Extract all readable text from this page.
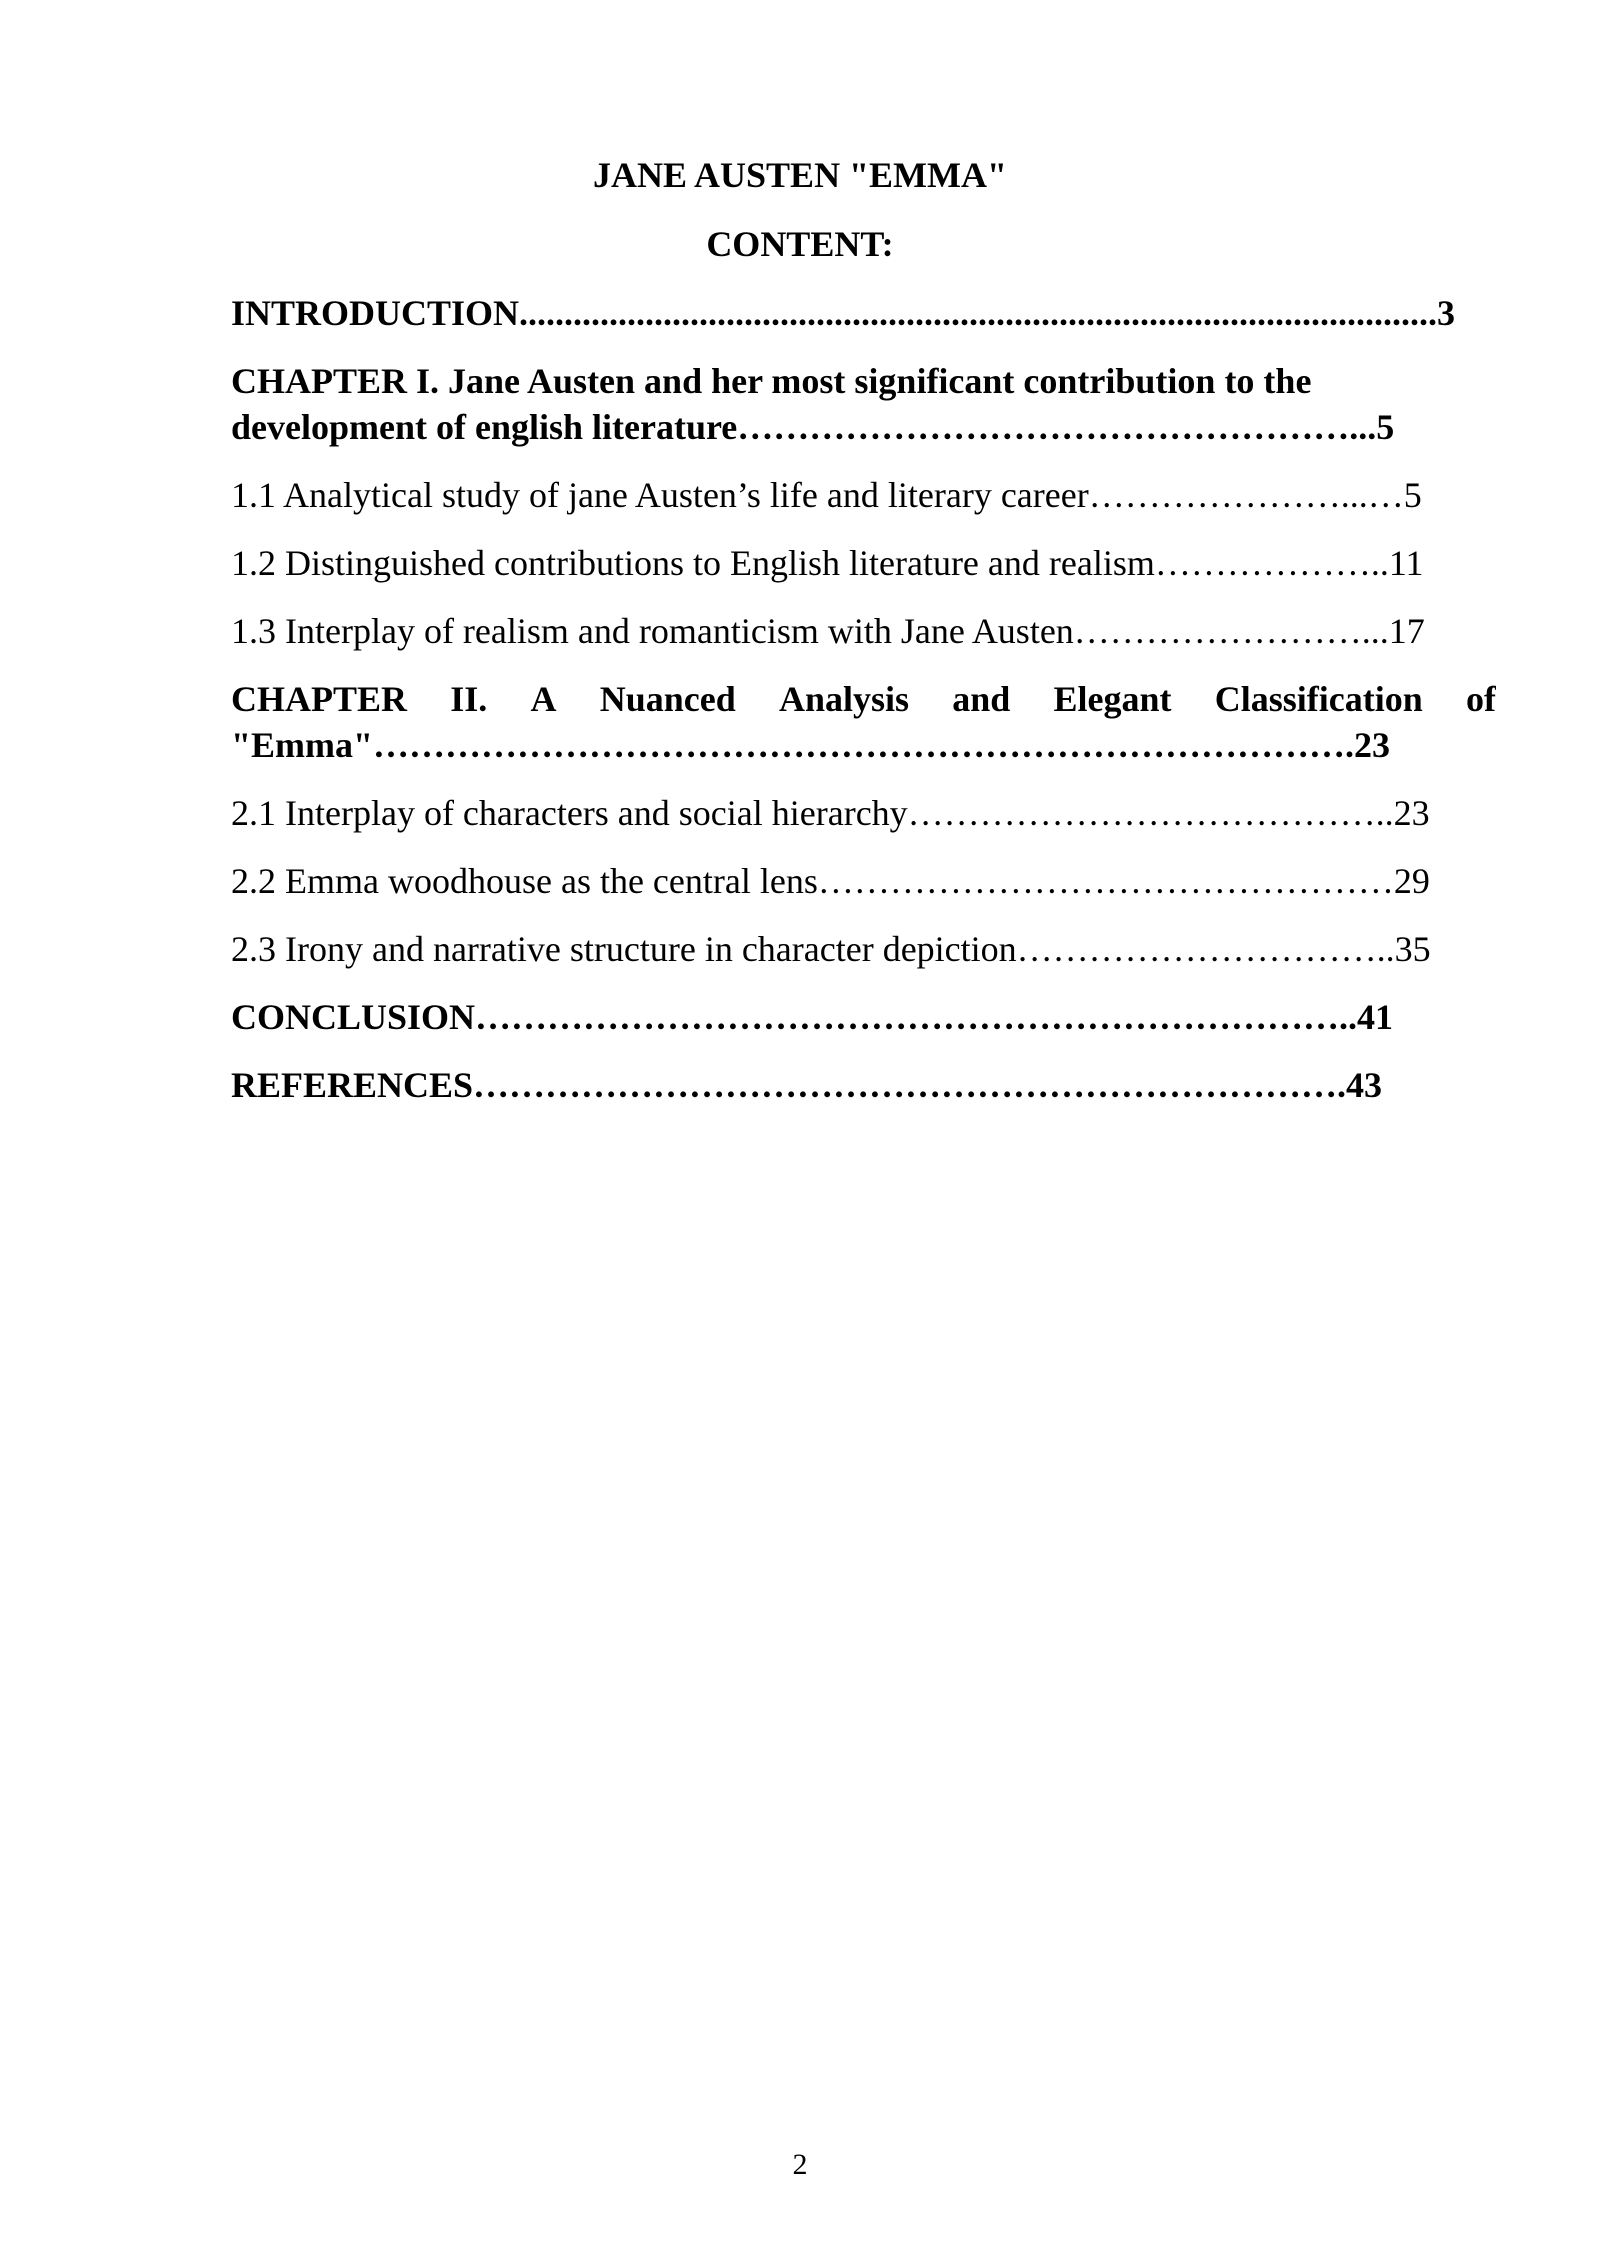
JANE AUSTEN "EMMA"
CONTENT:
INTRODUCTION......................................................................................................3
CHAPTER I. Jane Austen and her most significant contribution to the
development of english literature……………………………………………...5
1.1 Analytical study of jane Austen’s life and literary career…………………...…5
1.2 Distinguished contributions to English literature and realism………………..11
1.3 Interplay of realism and romanticism with Jane Austen……………………...17
CHAPTER II. A Nuanced Analysis and Elegant Classification of
"Emma"……………………………………………………………………….23
2.1 Interplay of characters and social hierarchy…………………………………..23
2.2 Emma woodhouse as the central lens…………………………………………29
2.3 Irony and narrative structure in character depiction…………………………..35
CONCLUSION………………………………………………………………..41
REFERENCES……………………………………………………………….43
2
